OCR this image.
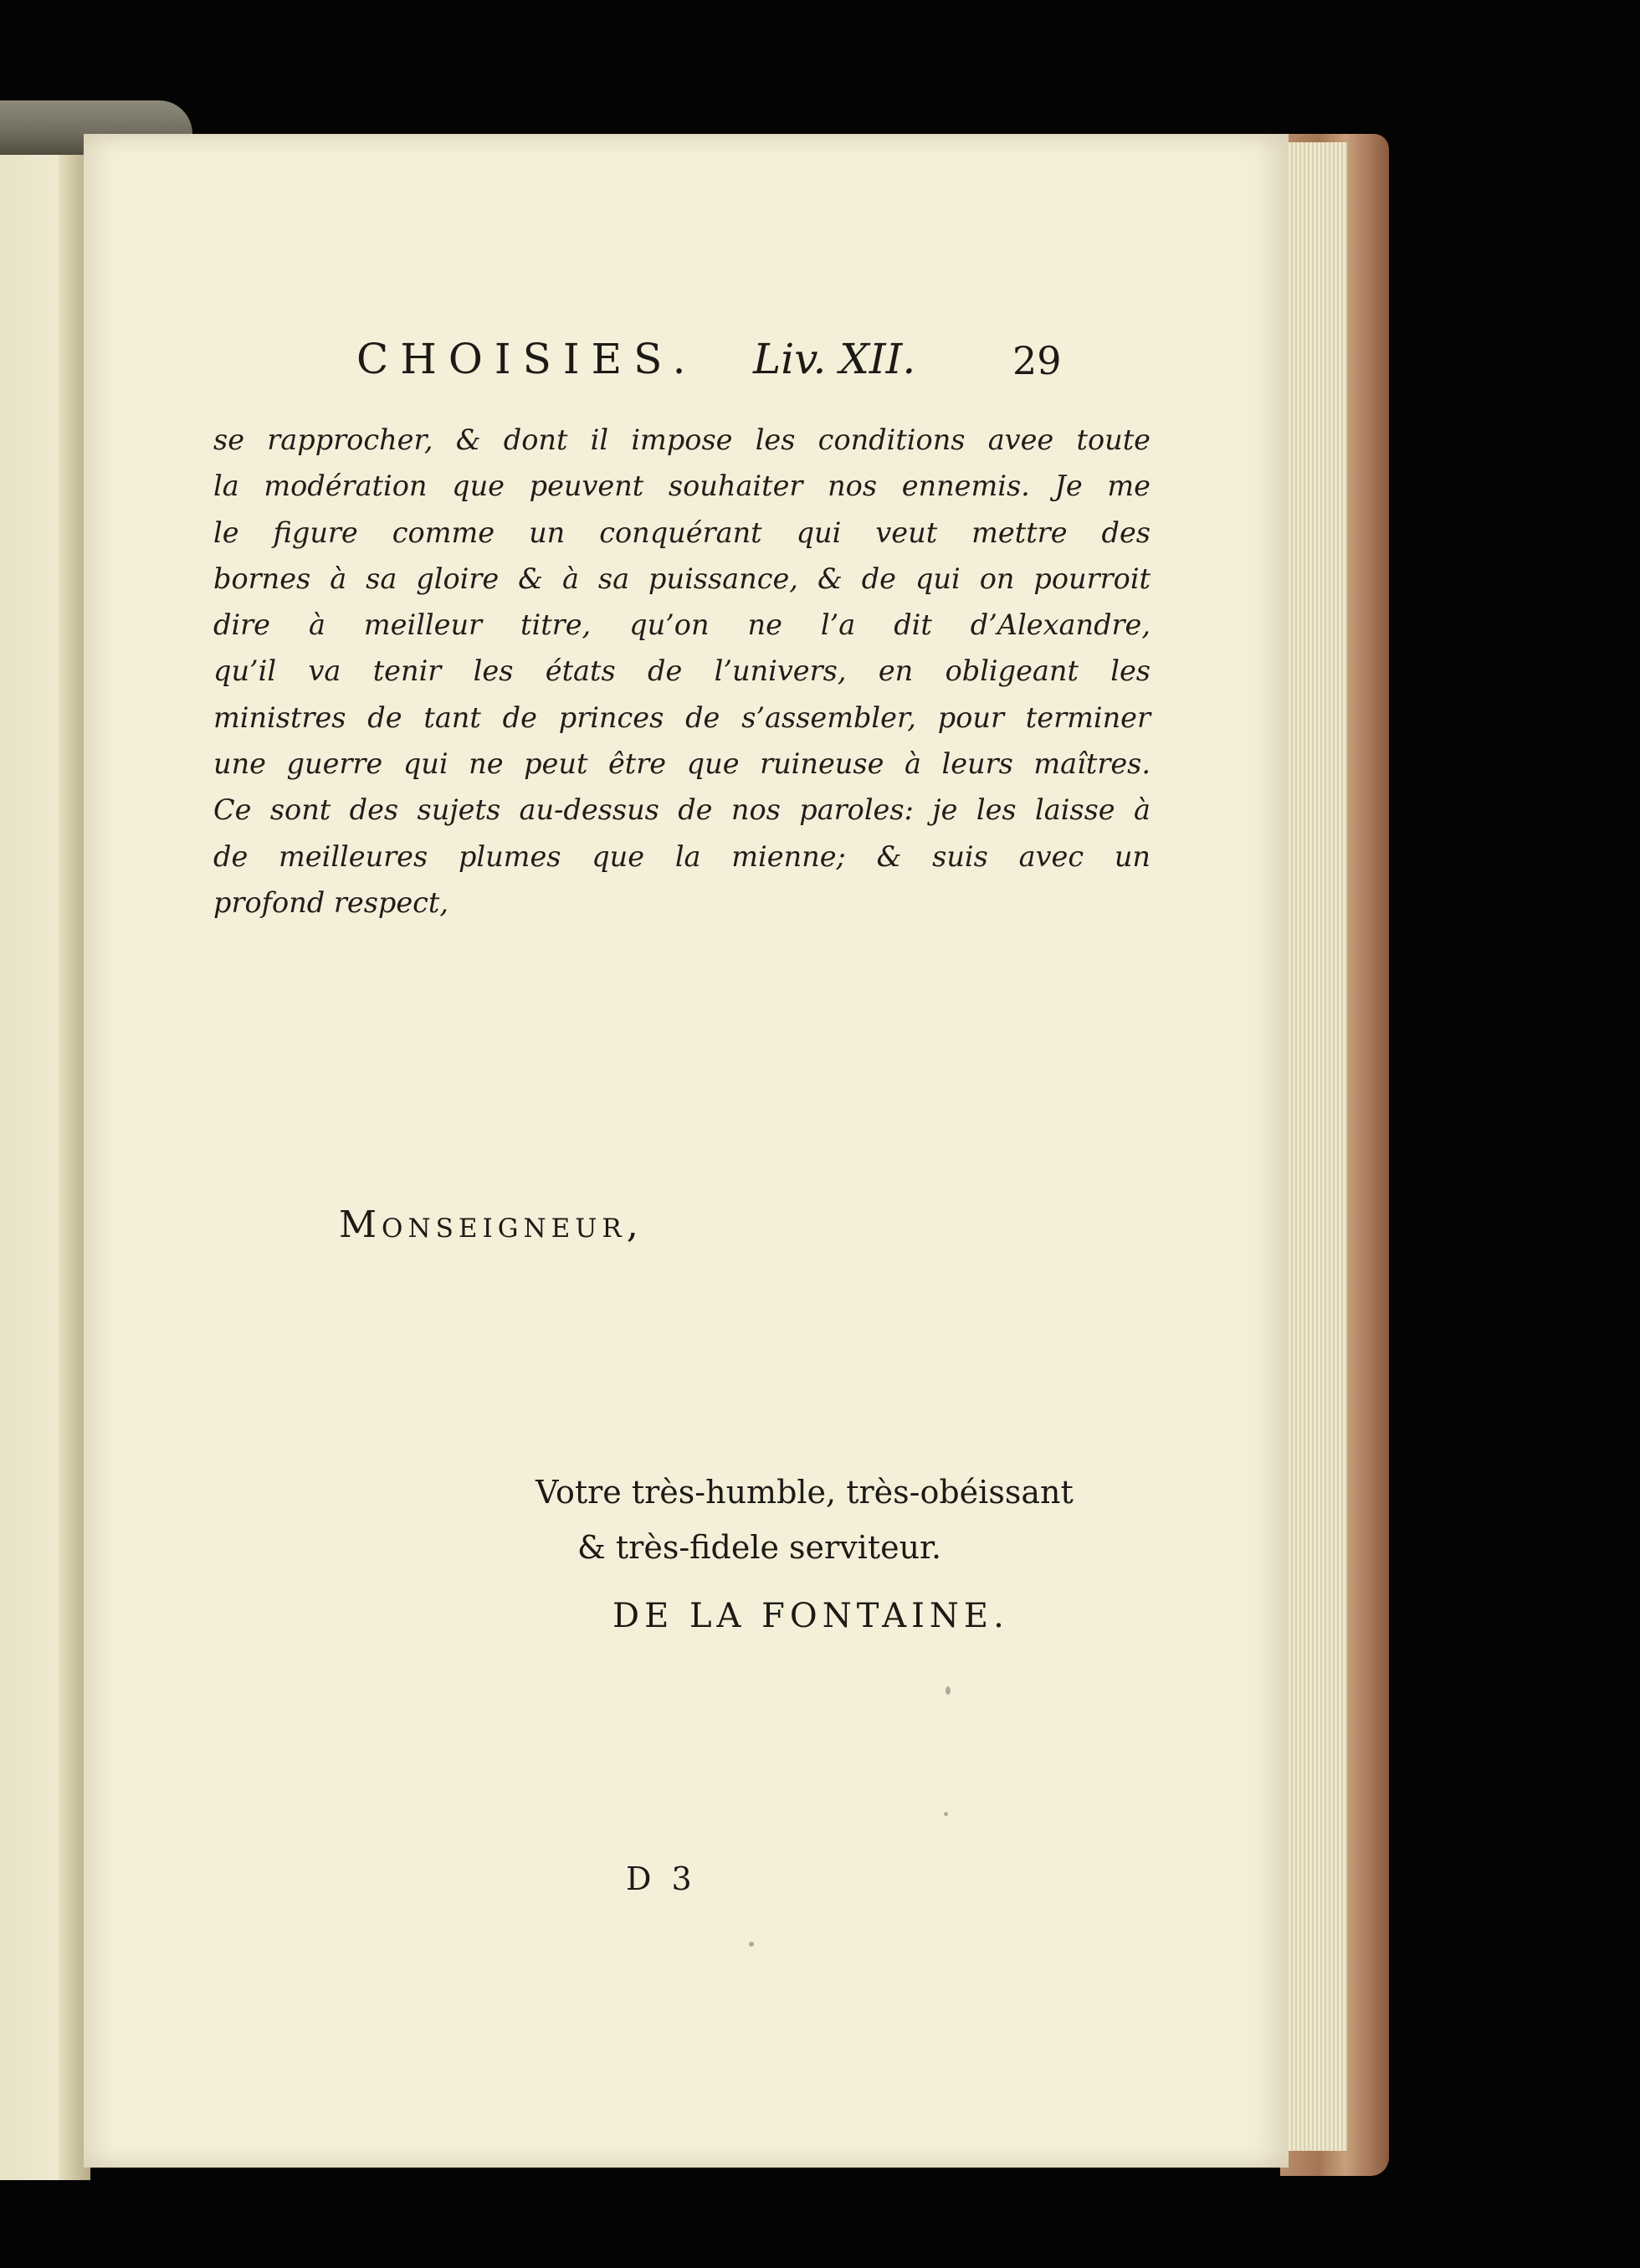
CHOISIES. Liv. XII.	29
se rapprocher, & dont il impose les conditions avee toute
la modération que peuvent souhaiter nos ennemis. Je me
le figure comme un conquérant qui veut mettre des
bornes à sa gloire & à sa puissance, & de qui on pourroit
dire à meilleur titre, qu’on ne l’a dit d’Alexandre,
qu’il va tenir les états de l’univers, en obligeant les
ministres de tant de princes de s’assembler, pour terminer
une guerre qui ne peut être que ruineuse à leurs maîtres.
Ce sont des sujets au-dessus de nos paroles: je les laisse à
de meilleures plumes que la mienne; & suis avec un
profond respect,
Monseigneur,
Votre très-humble, très-obéissant
& très-fidele serviteur.
DE LA FONTAINE.
D 3
